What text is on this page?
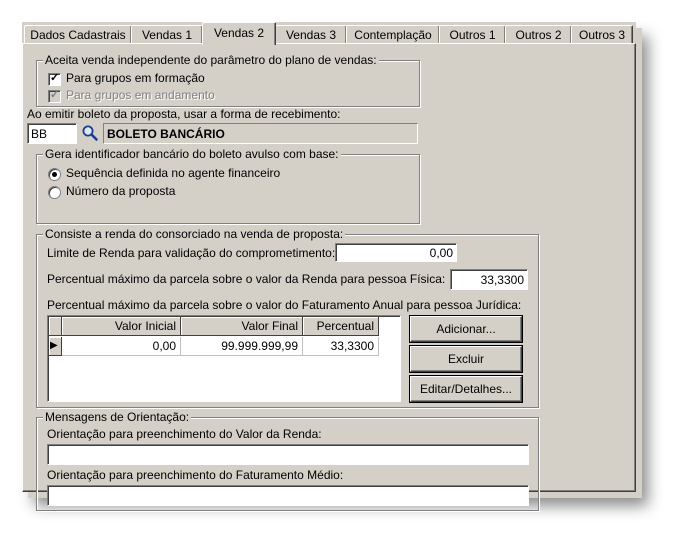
Dados Cadastrais	Vendas 1	Vendas 2	Vendas 3	Contemplação	Outros 1	Outros 2	Outros 3
Aceita venda independente do parâmetro do plano de vendas:
✓ Para grupos em formação
✓ Para grupos em andamento
Ao emitir boleto da proposta, usar a forma de recebimento:
BB	BOLETO BANCÁRIO
Gera identificador bancário do boleto avulso com base:
Sequência definida no agente financeiro
Número da proposta
Consiste a renda do consorciado na venda de proposta:
Limite de Renda para validação do comprometimento:	0,00
Percentual máximo da parcela sobre o valor da Renda para pessoa Física:	33,3300
Percentual máximo da parcela sobre o valor do Faturamento Anual para pessoa Jurídica:
Valor Inicial	Valor Final	Percentual
▶	0,00	99.999.999,99	33,3300
Adicionar...
Excluir
Editar/Detalhes...
Mensagens de Orientação:
Orientação para preenchimento do Valor da Renda:
Orientação para preenchimento do Faturamento Médio:
